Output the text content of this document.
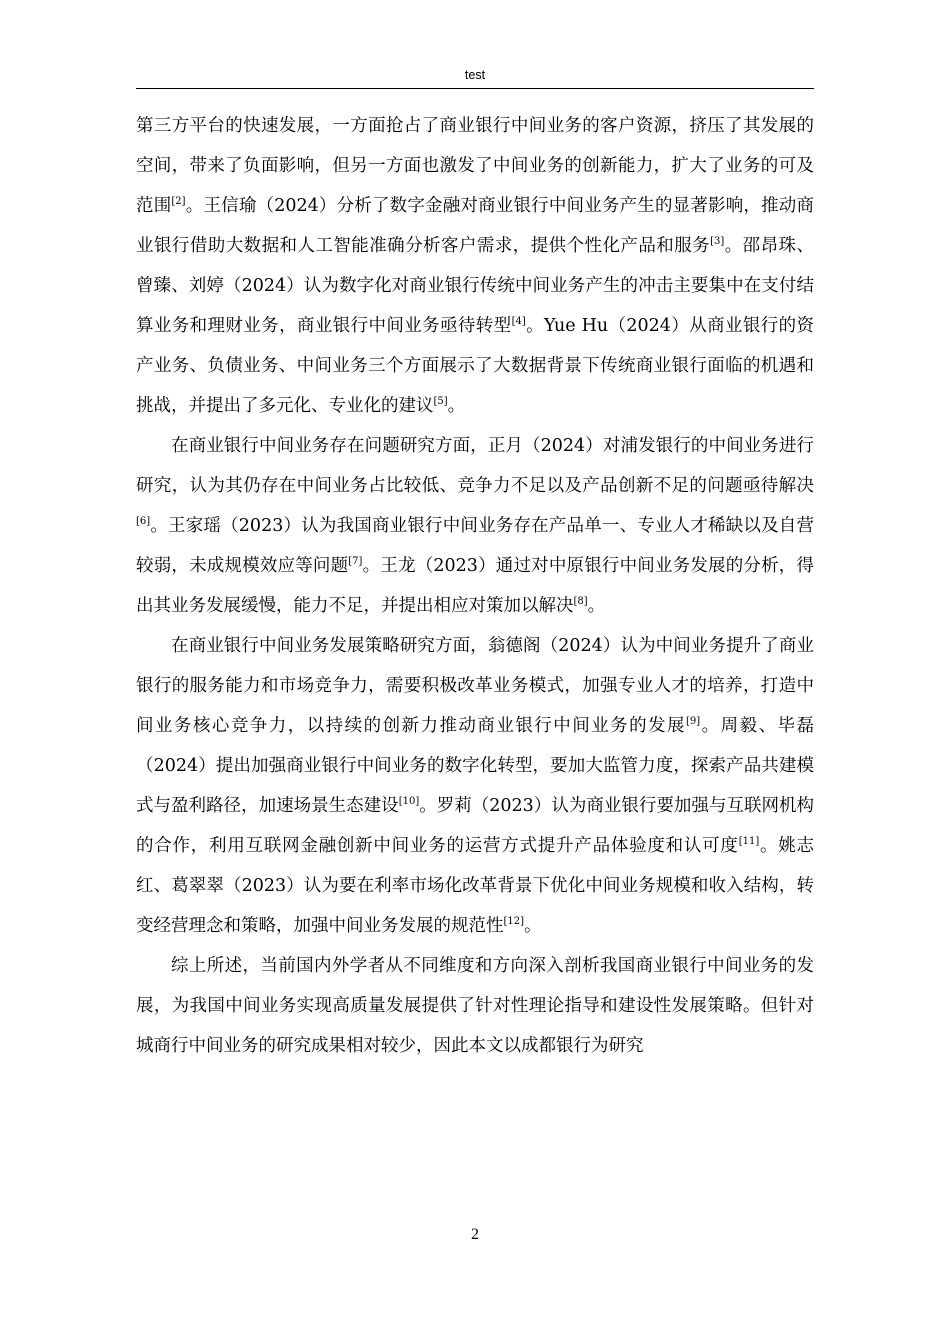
test

第三方平台的快速发展，一方面抢占了商业银行中间业务的客户资源，挤压了其发展的空间，带来了负面影响，但另一方面也激发了中间业务的创新能力，扩大了业务的可及范围[2]。王信瑜（2024）分析了数字金融对商业银行中间业务产生的显著影响，推动商业银行借助大数据和人工智能准确分析客户需求，提供个性化产品和服务[3]。邵昂珠、曾臻、刘婷（2024）认为数字化对商业银行传统中间业务产生的冲击主要集中在支付结算业务和理财业务，商业银行中间业务亟待转型[4]。Yue Hu（2024）从商业银行的资产业务、负债业务、中间业务三个方面展示了大数据背景下传统商业银行面临的机遇和挑战，并提出了多元化、专业化的建议[5]。

在商业银行中间业务存在问题研究方面，正月（2024）对浦发银行的中间业务进行研究，认为其仍存在中间业务占比较低、竞争力不足以及产品创新不足的问题亟待解决[6]。王家瑶（2023）认为我国商业银行中间业务存在产品单一、专业人才稀缺以及自营较弱，未成规模效应等问题[7]。王龙（2023）通过对中原银行中间业务发展的分析，得出其业务发展缓慢，能力不足，并提出相应对策加以解决[8]。

在商业银行中间业务发展策略研究方面，翁德阁（2024）认为中间业务提升了商业银行的服务能力和市场竞争力，需要积极改革业务模式，加强专业人才的培养，打造中间业务核心竞争力，以持续的创新力推动商业银行中间业务的发展[9]。周毅、毕磊（2024）提出加强商业银行中间业务的数字化转型，要加大监管力度，探索产品共建模式与盈利路径，加速场景生态建设[10]。罗莉（2023）认为商业银行要加强与互联网机构的合作，利用互联网金融创新中间业务的运营方式提升产品体验度和认可度[11]。姚志红、葛翠翠（2023）认为要在利率市场化改革背景下优化中间业务规模和收入结构，转变经营理念和策略，加强中间业务发展的规范性[12]。

综上所述，当前国内外学者从不同维度和方向深入剖析我国商业银行中间业务的发展，为我国中间业务实现高质量发展提供了针对性理论指导和建设性发展策略。但针对城商行中间业务的研究成果相对较少，因此本文以成都银行为研究

2
